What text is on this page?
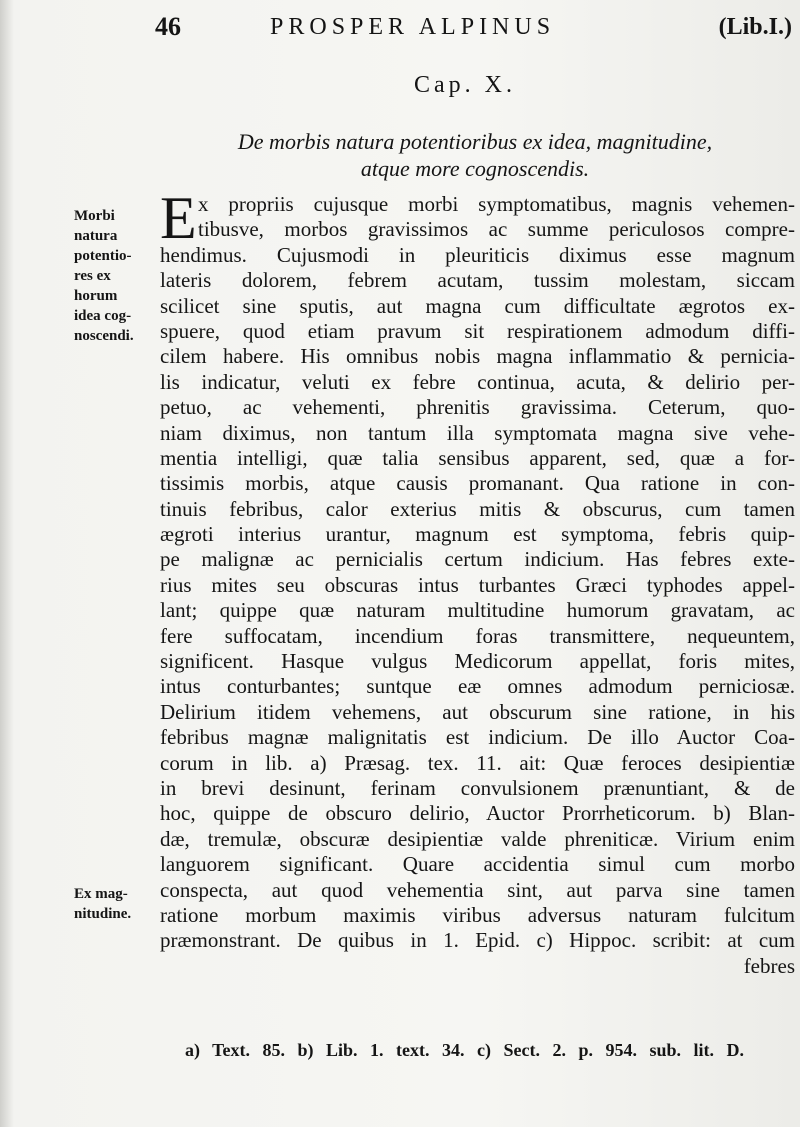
46	PROSPER ALPINUS	(Lib.I.)
Cap. X.
De morbis natura potentioribus ex idea, magnitudine,
atque more cognoscendis.
Morbi
natura
potentio-
res ex
horum
idea cog-
noscendi.
Ex mag-
nitudine.
E x propriis cujusque morbi symptomatibus, magnis vehemen-
tibusve, morbos gravissimos ac summe periculosos compre-
hendimus. Cujusmodi in pleuriticis diximus esse magnum
lateris dolorem, febrem acutam, tussim molestam, siccam
scilicet sine sputis, aut magna cum difficultate ægrotos ex-
spuere, quod etiam pravum sit respirationem admodum diffi-
cilem habere. His omnibus nobis magna inflammatio & pernicia-
lis indicatur, veluti ex febre continua, acuta, & delirio per-
petuo, ac vehementi, phrenitis gravissima. Ceterum, quo-
niam diximus, non tantum illa symptomata magna sive vehe-
mentia intelligi, quæ talia sensibus apparent, sed, quæ a for-
tissimis morbis, atque causis promanant. Qua ratione in con-
tinuis febribus, calor exterius mitis & obscurus, cum tamen
ægroti interius urantur, magnum est symptoma, febris quip-
pe malignæ ac pernicialis certum indicium. Has febres exte-
rius mites seu obscuras intus turbantes Græci typhodes appel-
lant; quippe quæ naturam multitudine humorum gravatam, ac
fere suffocatam, incendium foras transmittere, nequeuntem,
significent. Hasque vulgus Medicorum appellat, foris mites,
intus conturbantes; suntque eæ omnes admodum perniciosæ.
Delirium itidem vehemens, aut obscurum sine ratione, in his
febribus magnæ malignitatis est indicium. De illo Auctor Coa-
corum in lib. a) Præsag. tex. 11. ait: Quæ feroces desipientiæ
in brevi desinunt, ferinam convulsionem prænuntiant, & de
hoc, quippe de obscuro delirio, Auctor Prorrheticorum. b) Blan-
dæ, tremulæ, obscuræ desipientiæ valde phreniticæ. Virium enim
languorem significant. Quare accidentia simul cum morbo
conspecta, aut quod vehementia sint, aut parva sine tamen
ratione morbum maximis viribus adversus naturam fulcitum
præmonstrant. De quibus in 1. Epid. c) Hippoc. scribit: at cum
febres
a) Text. 85. b) Lib. 1. text. 34. c) Sect. 2. p. 954. sub. lit. D.
